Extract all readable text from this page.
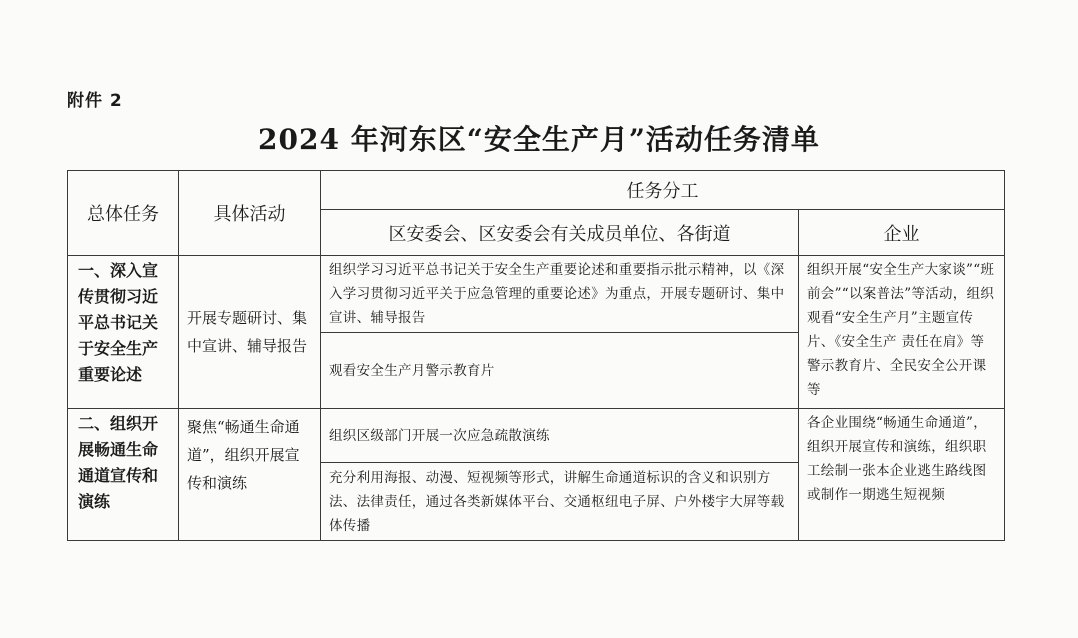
附件 2
2024 年河东区“安全生产月”活动任务清单
总体任务	具体活动	任务分工	
		区安委会、区安委会有关成员单位、各街道	企业
一、深入宣传贯彻习近平总书记关于安全生产重要论述	开展专题研讨、集中宣讲、辅导报告	组织学习习近平总书记关于安全生产重要论述和重要指示批示精神，以《深入学习贯彻习近平关于应急管理的重要论述》为重点，开展专题研讨、集中宣讲、辅导报告	组织开展“安全生产大家谈”“班前会”“以案普法”等活动，组织观看“安全生产月”主题宣传片、《安全生产 责任在肩》等警示教育片、全民安全公开课等
		观看安全生产月警示教育片	
二、组织开展畅通生命通道宣传和演练	聚焦“畅通生命通道”，组织开展宣传和演练	组织区级部门开展一次应急疏散演练	各企业围绕“畅通生命通道”，组织开展宣传和演练，组织职工绘制一张本企业逃生路线图或制作一期逃生短视频
		充分利用海报、动漫、短视频等形式，讲解生命通道标识的含义和识别方法、法律责任，通过各类新媒体平台、交通枢纽电子屏、户外楼宇大屏等载体传播	
